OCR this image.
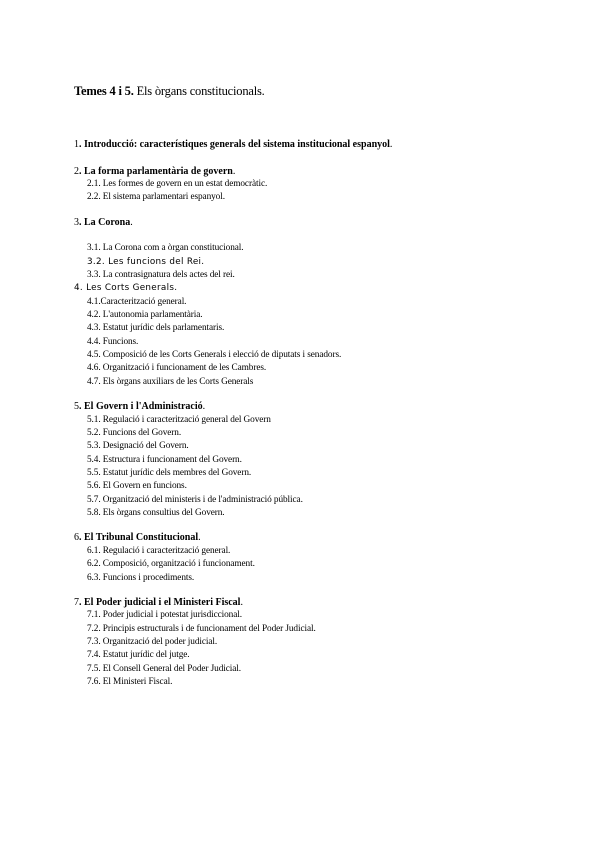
Temes 4 i 5. Els òrgans constitucionals.
1. Introducció: característiques generals del sistema institucional espanyol.
2. La forma parlamentària de govern.
2.1. Les formes de govern en un estat democràtic.
2.2. El sistema parlamentari espanyol.
3. La Corona.
3.1. La Corona com a òrgan constitucional.
3.2. Les funcions del Rei.
3.3. La contrasignatura dels actes del rei.
4. Les Corts Generals.
4.1.Caracterització general.
4.2. L'autonomia parlamentària.
4.3. Estatut jurídic dels parlamentaris.
4.4. Funcions.
4.5. Composició de les Corts Generals i elecció de diputats i senadors.
4.6. Organització i funcionament de les Cambres.
4.7. Els òrgans auxiliars de les Corts Generals
5. El Govern i l'Administració.
5.1. Regulació i caracterització general del Govern
5.2. Funcions del Govern.
5.3. Designació del Govern.
5.4. Estructura i funcionament del Govern.
5.5. Estatut jurídic dels membres del Govern.
5.6. El Govern en funcions.
5.7. Organització del ministeris i de l'administració pública.
5.8. Els òrgans consultius del Govern.
6. El Tribunal Constitucional.
6.1. Regulació i caracterització general.
6.2. Composició, organització i funcionament.
6.3. Funcions i procediments.
7. El Poder judicial i el Ministeri Fiscal.
7.1. Poder judicial i potestat jurisdiccional.
7.2. Principis estructurals i de funcionament del Poder Judicial.
7.3. Organització del poder judicial.
7.4. Estatut jurídic del jutge.
7.5. El Consell General del Poder Judicial.
7.6. El Ministeri Fiscal.
